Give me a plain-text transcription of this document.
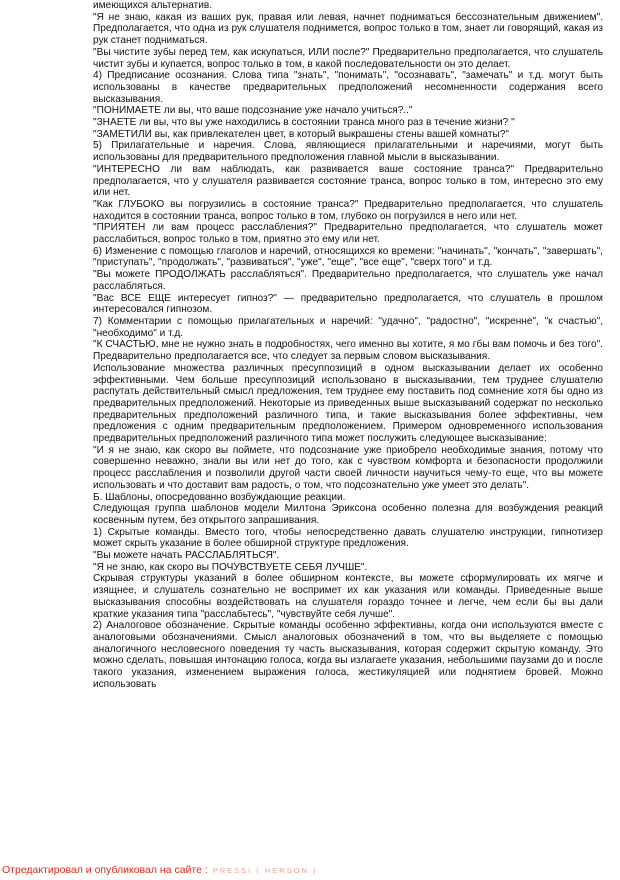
имеющихся альтернатив.

"Я не знаю, какая из ваших рук, правая или левая, начнет подниматься бессознательным движением". Предполагается, что одна из рук слушателя поднимется, вопрос только в том, знает ли говорящий, какая из рук станет подниматься.

"Вы чистите зубы перед тем, как искупаться, ИЛИ после?" Предварительно предполагается, что слушатель чистит зубы и купается, вопрос только в том, в какой последовательности он это делает.

4) Предписание осознания. Слова типа "знать", "понимать", "осознавать", "замечать" и т.д. могут быть использованы в качестве предварительных предположений несомненности содержания всего высказывания.

"ПОНИМАЕТЕ ли вы, что ваше подсознание уже начало учиться?.."

"ЗНАЕТЕ ли вы, что вы уже находились в состоянии транса много раз в течение жизни? "

"ЗАМЕТИЛИ вы, как привлекателен цвет, в который выкрашены стены вашей комнаты?"

5) Прилагательные и наречия. Слова, являющиеся прилагательными и наречиями, могут быть использованы для предварительного предположения главной мысли в высказывании.

"ИНТЕРЕСНО ли вам наблюдать, как развивается ваше состояние транса?" Предварительно предполагается, что у слушателя развивается состояние транса, вопрос только в том, интересно это ему или нет.

"Как ГЛУБОКО вы погрузились в состояние транса?" Предварительно предполагается, что слушатель находится в состоянии транса, вопрос только в том, глубоко он погрузился в него или нет.

"ПРИЯТЕН ли вам процесс расслабления?" Предварительно предполагается, что слушатель может расслабиться, вопрос только в том, приятно это ему или нет.

6) Изменение с помощью глаголов и наречий, относящихся ко времени: "начинать", "кончать", "завершать", "приступать", "продолжать", "развиваться", "уже", "еще", "все еще", "сверх того" и т.д.

"Вы можете ПРОДОЛЖАТЬ расслабляться". Предварительно предполагается, что слушатель уже начал расслабляться.

"Вас ВСЕ ЕЩЕ интересует гипноз?" — предварительно предполагается, что слушатель в прошлом интересовался гипнозом.

7) Комментарии с помощью прилагательных и наречий: "удачно", "радостно", "искренне", "к счастью", "необходимо" и т.д.

"К СЧАСТЬЮ, мне не нужно знать в подробностях, чего именно вы хотите, я мо гбы вам помочь и без того". Предварительно предполагается все, что следует за первым словом высказывания.

Использование множества различных пресуппозиций в одном высказывании делает их особенно эффективными. Чем больше пресуппозиций использовано в высказывании, тем труднее слушателю распутать действительный смысл предложения, тем труднее ему поставить под сомнение хотя бы одно из предварительных предположений. Некоторые из приведенных выше высказываний содержат по несколько предварительных предположений различного типа, и такие высказывания более эффективны, чем предложения с одним предварительным предположением. Примером одновременного использования предварительных предположений различного типа может послужить следующее высказывание:

"И я не знаю, как скоро вы поймете, что подсознание уже приобрело необходимые знания, потому что совершенно неважно, знали вы или нет до того, как с чувством комфорта и безопасности продолжили процесс расслабления и позволили другой части своей личности научиться чему-то еще, что вы можете использовать и что доставит вам радость, о том, что подсознательно уже умеет это делать".

Б. Шаблоны, опосредованно возбуждающие реакции.

Следующая группа шаблонов модели Милтона Эриксона особенно полезна для возбуждения реакций косвенным путем, без открытого запрашивания.

1) Скрытые команды. Вместо того, чтобы непосредственно давать слушателю инструкции, гипнотизер может скрыть указание в более обширной структуре предложения.

"Вы можете начать РАССЛАБЛЯТЬСЯ".

"Я не знаю, как скоро вы ПОЧУВСТВУЕТЕ СЕБЯ ЛУЧШЕ".

Скрывая структуры указаний в более обширном контексте, вы можете сформулировать их мягче и изящнее, и слушатель сознательно не воспримет их как указания или команды. Приведенные выше высказывания способны воздействовать на слушателя гораздо точнее и легче, чем если бы вы дали краткие указания типа "расслабьтесь", "чувствуйте себя лучше".

2) Аналоговое обозначение. Скрытые команды особенно эффективны, когда они используются вместе с аналоговыми обозначениями. Смысл аналоговых обозначений в том, что вы выделяете с помощью аналогичного несловесного поведения ту часть высказывания, которая содержит скрытую команду. Это можно сделать, повышая интонацию голоса, когда вы излагаете указания, небольшими паузами до и после такого указания, изменением выражения голоса, жестикуляцией или поднятием бровей. Можно использовать

Отредактировал и опубликовал на сайте : PRESSI ( HERSON )
